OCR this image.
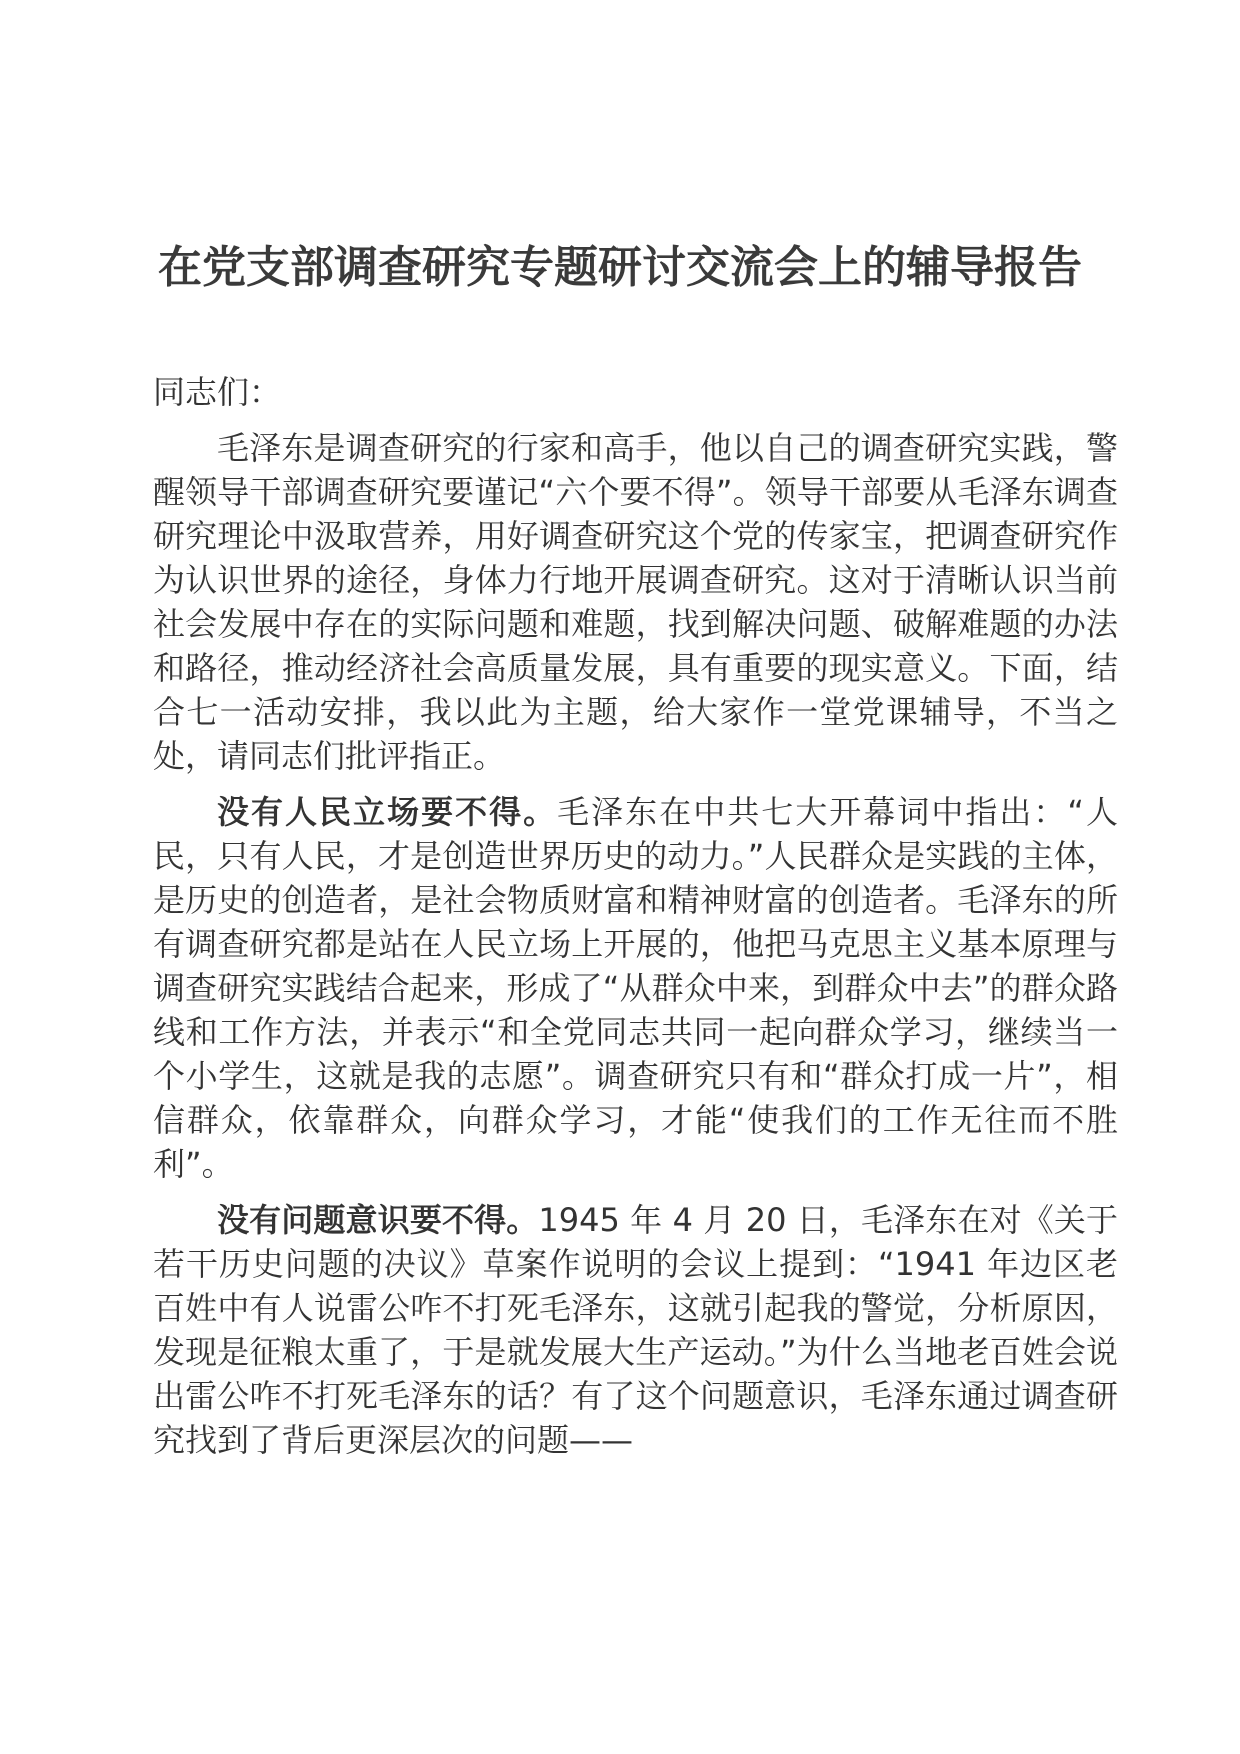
在党支部调查研究专题研讨交流会上的辅导报告

同志们：

毛泽东是调查研究的行家和高手，他以自己的调查研究实践，警醒领导干部调查研究要谨记“六个要不得”。领导干部要从毛泽东调查研究理论中汲取营养，用好调查研究这个党的传家宝，把调查研究作为认识世界的途径，身体力行地开展调查研究。这对于清晰认识当前社会发展中存在的实际问题和难题，找到解决问题、破解难题的办法和路径，推动经济社会高质量发展，具有重要的现实意义。下面，结合七一活动安排，我以此为主题，给大家作一堂党课辅导，不当之处，请同志们批评指正。

没有人民立场要不得。毛泽东在中共七大开幕词中指出：“人民，只有人民，才是创造世界历史的动力。”人民群众是实践的主体，是历史的创造者，是社会物质财富和精神财富的创造者。毛泽东的所有调查研究都是站在人民立场上开展的，他把马克思主义基本原理与调查研究实践结合起来，形成了“从群众中来，到群众中去”的群众路线和工作方法，并表示“和全党同志共同一起向群众学习，继续当一个小学生，这就是我的志愿”。调查研究只有和“群众打成一片”，相信群众，依靠群众，向群众学习，才能“使我们的工作无往而不胜利”。

没有问题意识要不得。1945 年 4 月 20 日，毛泽东在对《关于若干历史问题的决议》草案作说明的会议上提到：“1941 年边区老百姓中有人说雷公咋不打死毛泽东，这就引起我的警觉，分析原因，发现是征粮太重了，于是就发展大生产运动。”为什么当地老百姓会说出雷公咋不打死毛泽东的话？有了这个问题意识，毛泽东通过调查研究找到了背后更深层次的问题——
